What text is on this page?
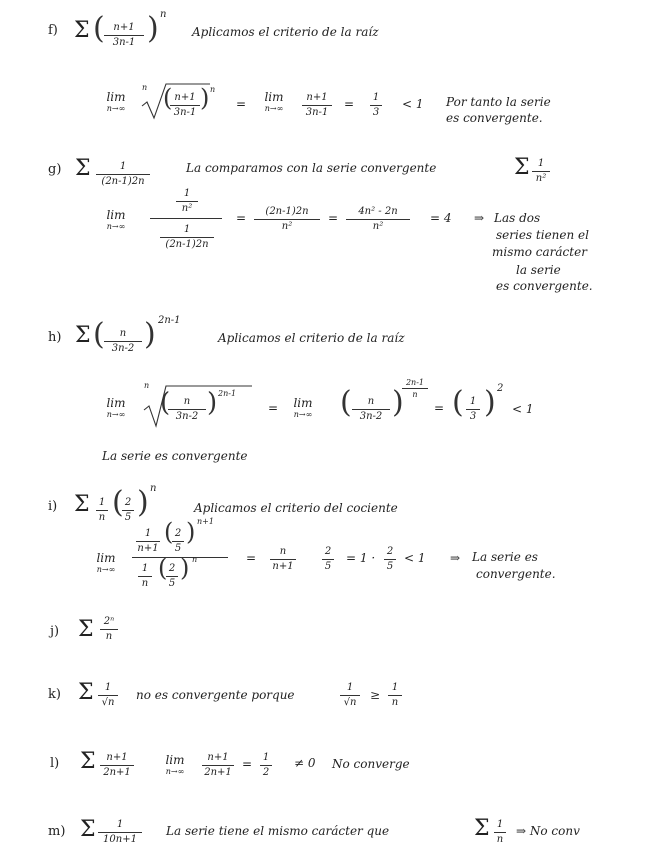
f) Σ ( n+1
3n-1 ) n
Aplicamos el criterio de la raíz
lim
n→∞
n ( n+1
3n-1
) n
=	lim
n→∞
n+1
3n-1
= 1
3
< 1 Por tanto la serie
es convergente.
g) Σ	1
(2n-1)2n
La comparamos con la serie convergente	Σ 1
n²
lim
n→∞
1
n²
1
(2n-1)2n
=	(2n-1)2n
n²
=	4n² - 2n
n²
= 4 ⇒ Las dos
series tienen el
mismo carácter
la serie
es convergente.
h) Σ (	n
3n-2 ) 2n-1
Aplicamos el criterio de la raíz
lim
n→∞
n
(	n
3n-2 ) 2n-1
=	lim
n→∞ (	n
3n-2 )
2n-1
n
= ( 1
3 ) 2
< 1
La serie es convergente
i) Σ 1
n ( 2
5 ) n
Aplicamos el criterio del cociente
lim
n→∞
1
n+1
( 2
5
) n+1
1
n
( 2
5
) n	=	n
n+1
2
5
= 1 · 2
5
< 1 ⇒ La serie es
convergente.
j) Σ	2ⁿ
n
k) Σ	1
√n
no es convergente porque
1
√n
≥
1
n
l) Σ	n+1
2n+1
lim
n→∞
n+1
2n+1
= 1
2
≠ 0 No converge
m) Σ	1
10n+1
La serie tiene el mismo carácter que	Σ 1
n
⇒ No conv
